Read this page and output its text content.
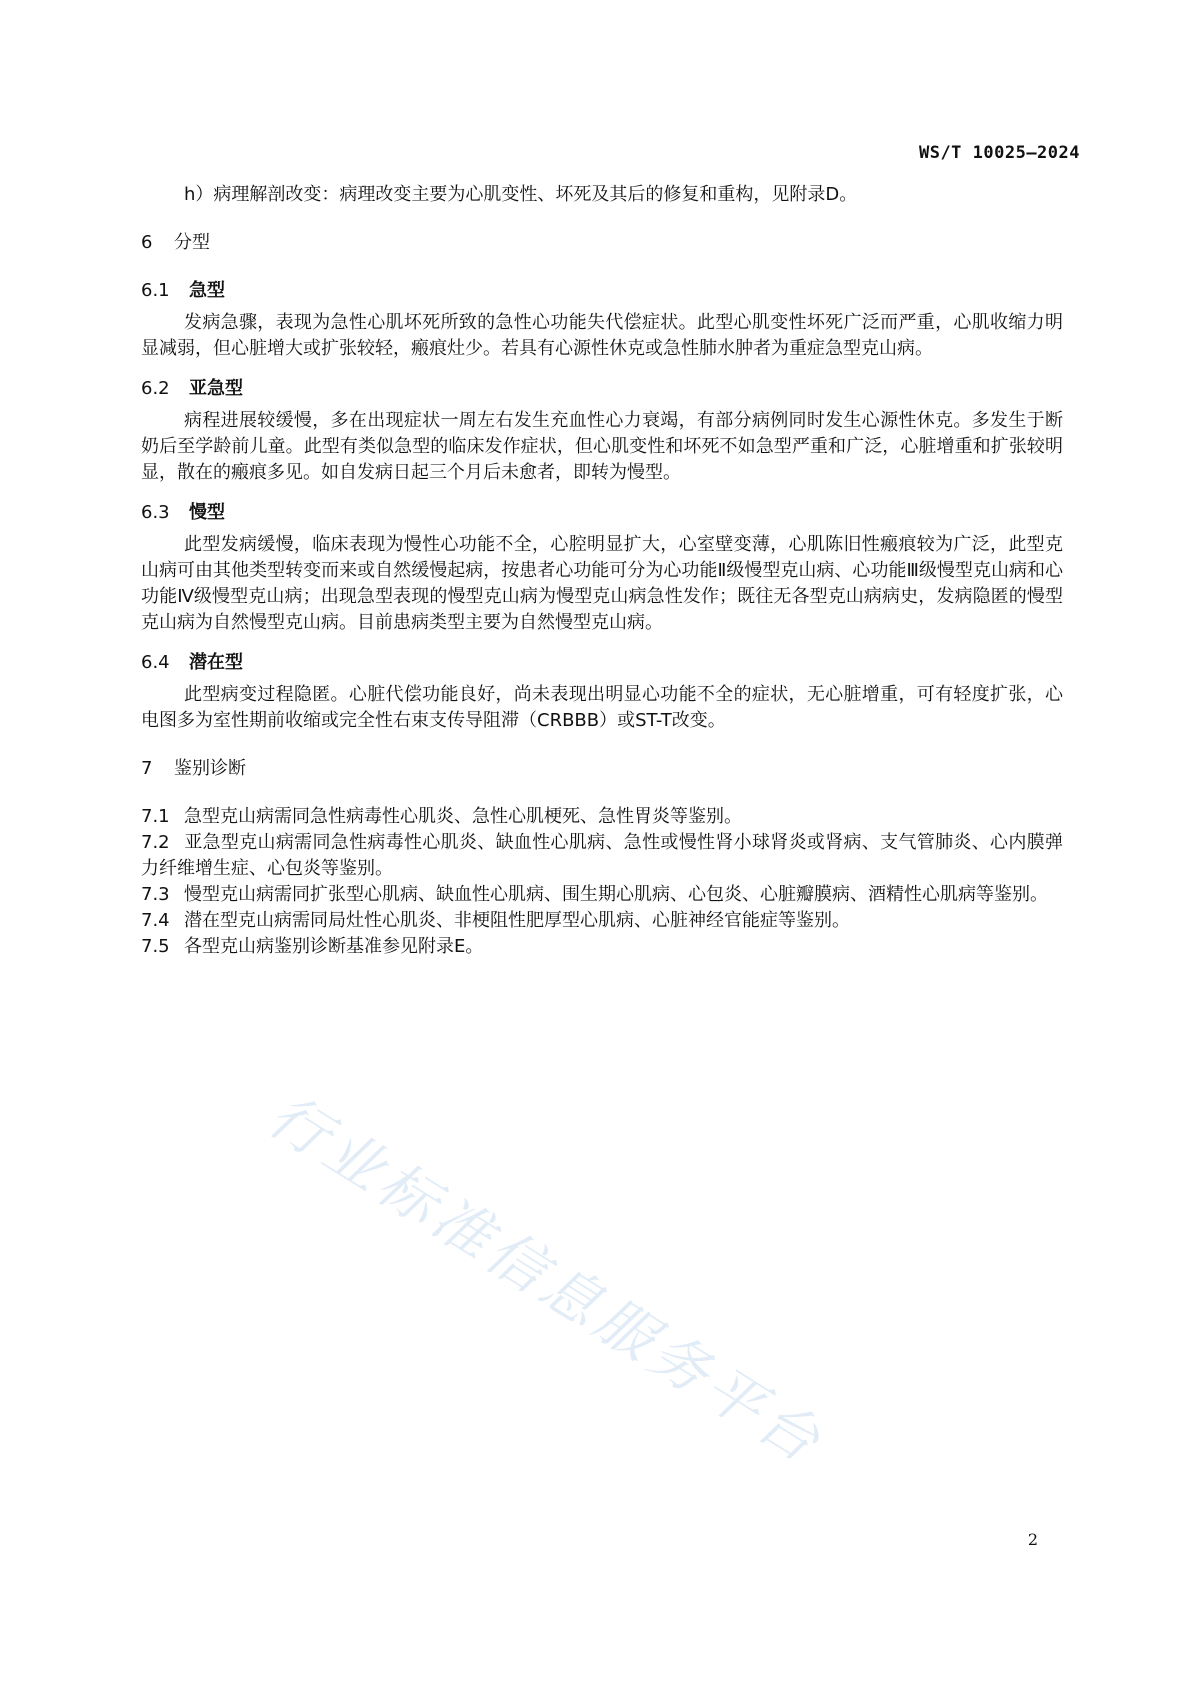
WS/T 10025—2024

h）病理解剖改变：病理改变主要为心肌变性、坏死及其后的修复和重构，见附录D。

6 分型
6.1 急型

发病急骤，表现为急性心肌坏死所致的急性心功能失代偿症状。此型心肌变性坏死广泛而严重，心肌收缩力明显减弱，但心脏增大或扩张较轻，瘢痕灶少。若具有心源性休克或急性肺水肿者为重症急型克山病。

6.2 亚急型

病程进展较缓慢，多在出现症状一周左右发生充血性心力衰竭，有部分病例同时发生心源性休克。多发生于断奶后至学龄前儿童。此型有类似急型的临床发作症状，但心肌变性和坏死不如急型严重和广泛，心脏增重和扩张较明显，散在的瘢痕多见。如自发病日起三个月后未愈者，即转为慢型。

6.3 慢型

此型发病缓慢，临床表现为慢性心功能不全，心腔明显扩大，心室壁变薄，心肌陈旧性瘢痕较为广泛，此型克山病可由其他类型转变而来或自然缓慢起病，按患者心功能可分为心功能Ⅱ级慢型克山病、心功能Ⅲ级慢型克山病和心功能Ⅳ级慢型克山病；出现急型表现的慢型克山病为慢型克山病急性发作；既往无各型克山病病史，发病隐匿的慢型克山病为自然慢型克山病。目前患病类型主要为自然慢型克山病。

6.4 潜在型

此型病变过程隐匿。心脏代偿功能良好，尚未表现出明显心功能不全的症状，无心脏增重，可有轻度扩张，心电图多为室性期前收缩或完全性右束支传导阻滞（CRBBB）或ST-T改变。

7 鉴别诊断

7.1 急型克山病需同急性病毒性心肌炎、急性心肌梗死、急性胃炎等鉴别。

7.2 亚急型克山病需同急性病毒性心肌炎、缺血性心肌病、急性或慢性肾小球肾炎或肾病、支气管肺炎、心内膜弹力纤维增生症、心包炎等鉴别。

7.3 慢型克山病需同扩张型心肌病、缺血性心肌病、围生期心肌病、心包炎、心脏瓣膜病、酒精性心肌病等鉴别。

7.4 潜在型克山病需同局灶性心肌炎、非梗阻性肥厚型心肌病、心脏神经官能症等鉴别。

7.5 各型克山病鉴别诊断基准参见附录E。

行业标准信息服务平台
2
